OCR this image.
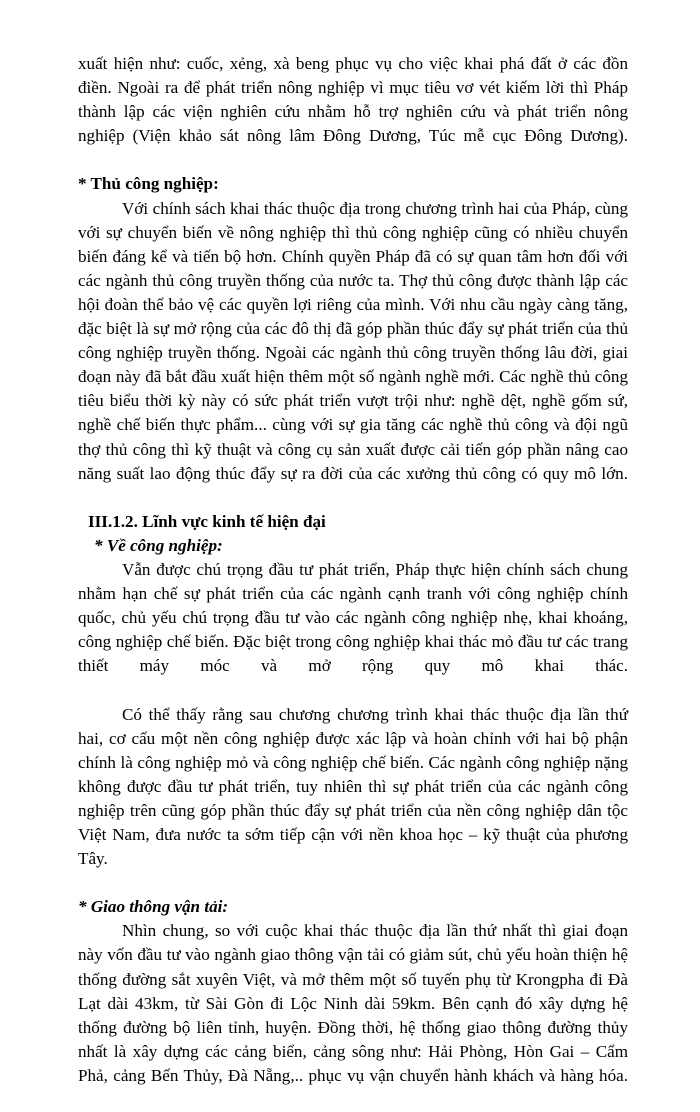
xuất hiện như: cuốc, xẻng, xà beng phục vụ cho việc khai phá đất ở các đồn điền. Ngoài ra để phát triển nông nghiệp vì mục tiêu vơ vét kiếm lời thì Pháp thành lập các viện nghiên cứu nhằm hỗ trợ nghiên cứu và phát triển nông nghiệp (Viện khảo sát nông lâm Đông Dương, Túc mễ cục Đông Dương).

* Thủ công nghiệp:

Với chính sách khai thác thuộc địa trong chương trình hai của Pháp, cùng với sự chuyển biến về nông nghiệp thì thủ công nghiệp cũng có nhiều chuyển biến đáng kể và tiến bộ hơn. Chính quyền Pháp đã có sự quan tâm hơn đối với các ngành thủ công truyền thống của nước ta. Thợ thủ công được thành lập các hội đoàn thể bảo vệ các quyền lợi riêng của mình. Với nhu cầu ngày càng tăng, đặc biệt là sự mở rộng của các đô thị đã góp phần thúc đẩy sự phát triển của thủ công nghiệp truyền thống. Ngoài các ngành thủ công truyền thống lâu đời, giai đoạn này đã bắt đầu xuất hiện thêm một số ngành nghề mới. Các nghề thủ công tiêu biểu thời kỳ này có sức phát triển vượt trội như: nghề dệt, nghề gốm sứ, nghề chế biến thực phẩm... cùng với sự gia tăng các nghề thủ công và đội ngũ thợ thủ công thì kỹ thuật và công cụ sản xuất được cải tiến góp phần nâng cao năng suất lao động thúc đẩy sự ra đời của các xưởng thủ công có quy mô lớn.

III.1.2. Lĩnh vực kinh tế hiện đại

* Về công nghiệp:

Vẫn được chú trọng đầu tư phát triển, Pháp thực hiện chính sách chung nhằm hạn chế sự phát triển của các ngành cạnh tranh với công nghiệp chính quốc, chủ yếu chú trọng đầu tư vào các ngành công nghiệp nhẹ, khai khoáng, công nghiệp chế biến. Đặc biệt trong công nghiệp khai thác mỏ đầu tư các trang thiết máy móc và mở rộng quy mô khai thác.

Có thể thấy rằng sau chương chương trình khai thác thuộc địa lần thứ hai, cơ cấu một nền công nghiệp được xác lập và hoàn chỉnh với hai bộ phận chính là công nghiệp mỏ và công nghiệp chế biến. Các ngành công nghiệp nặng không được đầu tư phát triển, tuy nhiên thì sự phát triển của các ngành công nghiệp trên cũng góp phần thúc đẩy sự phát triển của nền công nghiệp dân tộc Việt Nam, đưa nước ta sớm tiếp cận với nền khoa học – kỹ thuật của phương Tây.

* Giao thông vận tải:

Nhìn chung, so với cuộc khai thác thuộc địa lần thứ nhất thì giai đoạn này vốn đầu tư vào ngành giao thông vận tải có giảm sút, chủ yếu hoàn thiện hệ thống đường sắt xuyên Việt, và mở thêm một số tuyến phụ từ Krongpha đi Đà Lạt dài 43km, từ Sài Gòn đi Lộc Ninh dài 59km. Bên cạnh đó xây dựng hệ thống đường bộ liên tỉnh, huyện. Đồng thời, hệ thống giao thông đường thủy nhất là xây dựng các cảng biển, cảng sông như: Hải Phòng, Hòn Gai – Cẩm Phả, cảng Bến Thủy, Đà Nẵng,.. phục vụ vận chuyển hành khách và hàng hóa.
